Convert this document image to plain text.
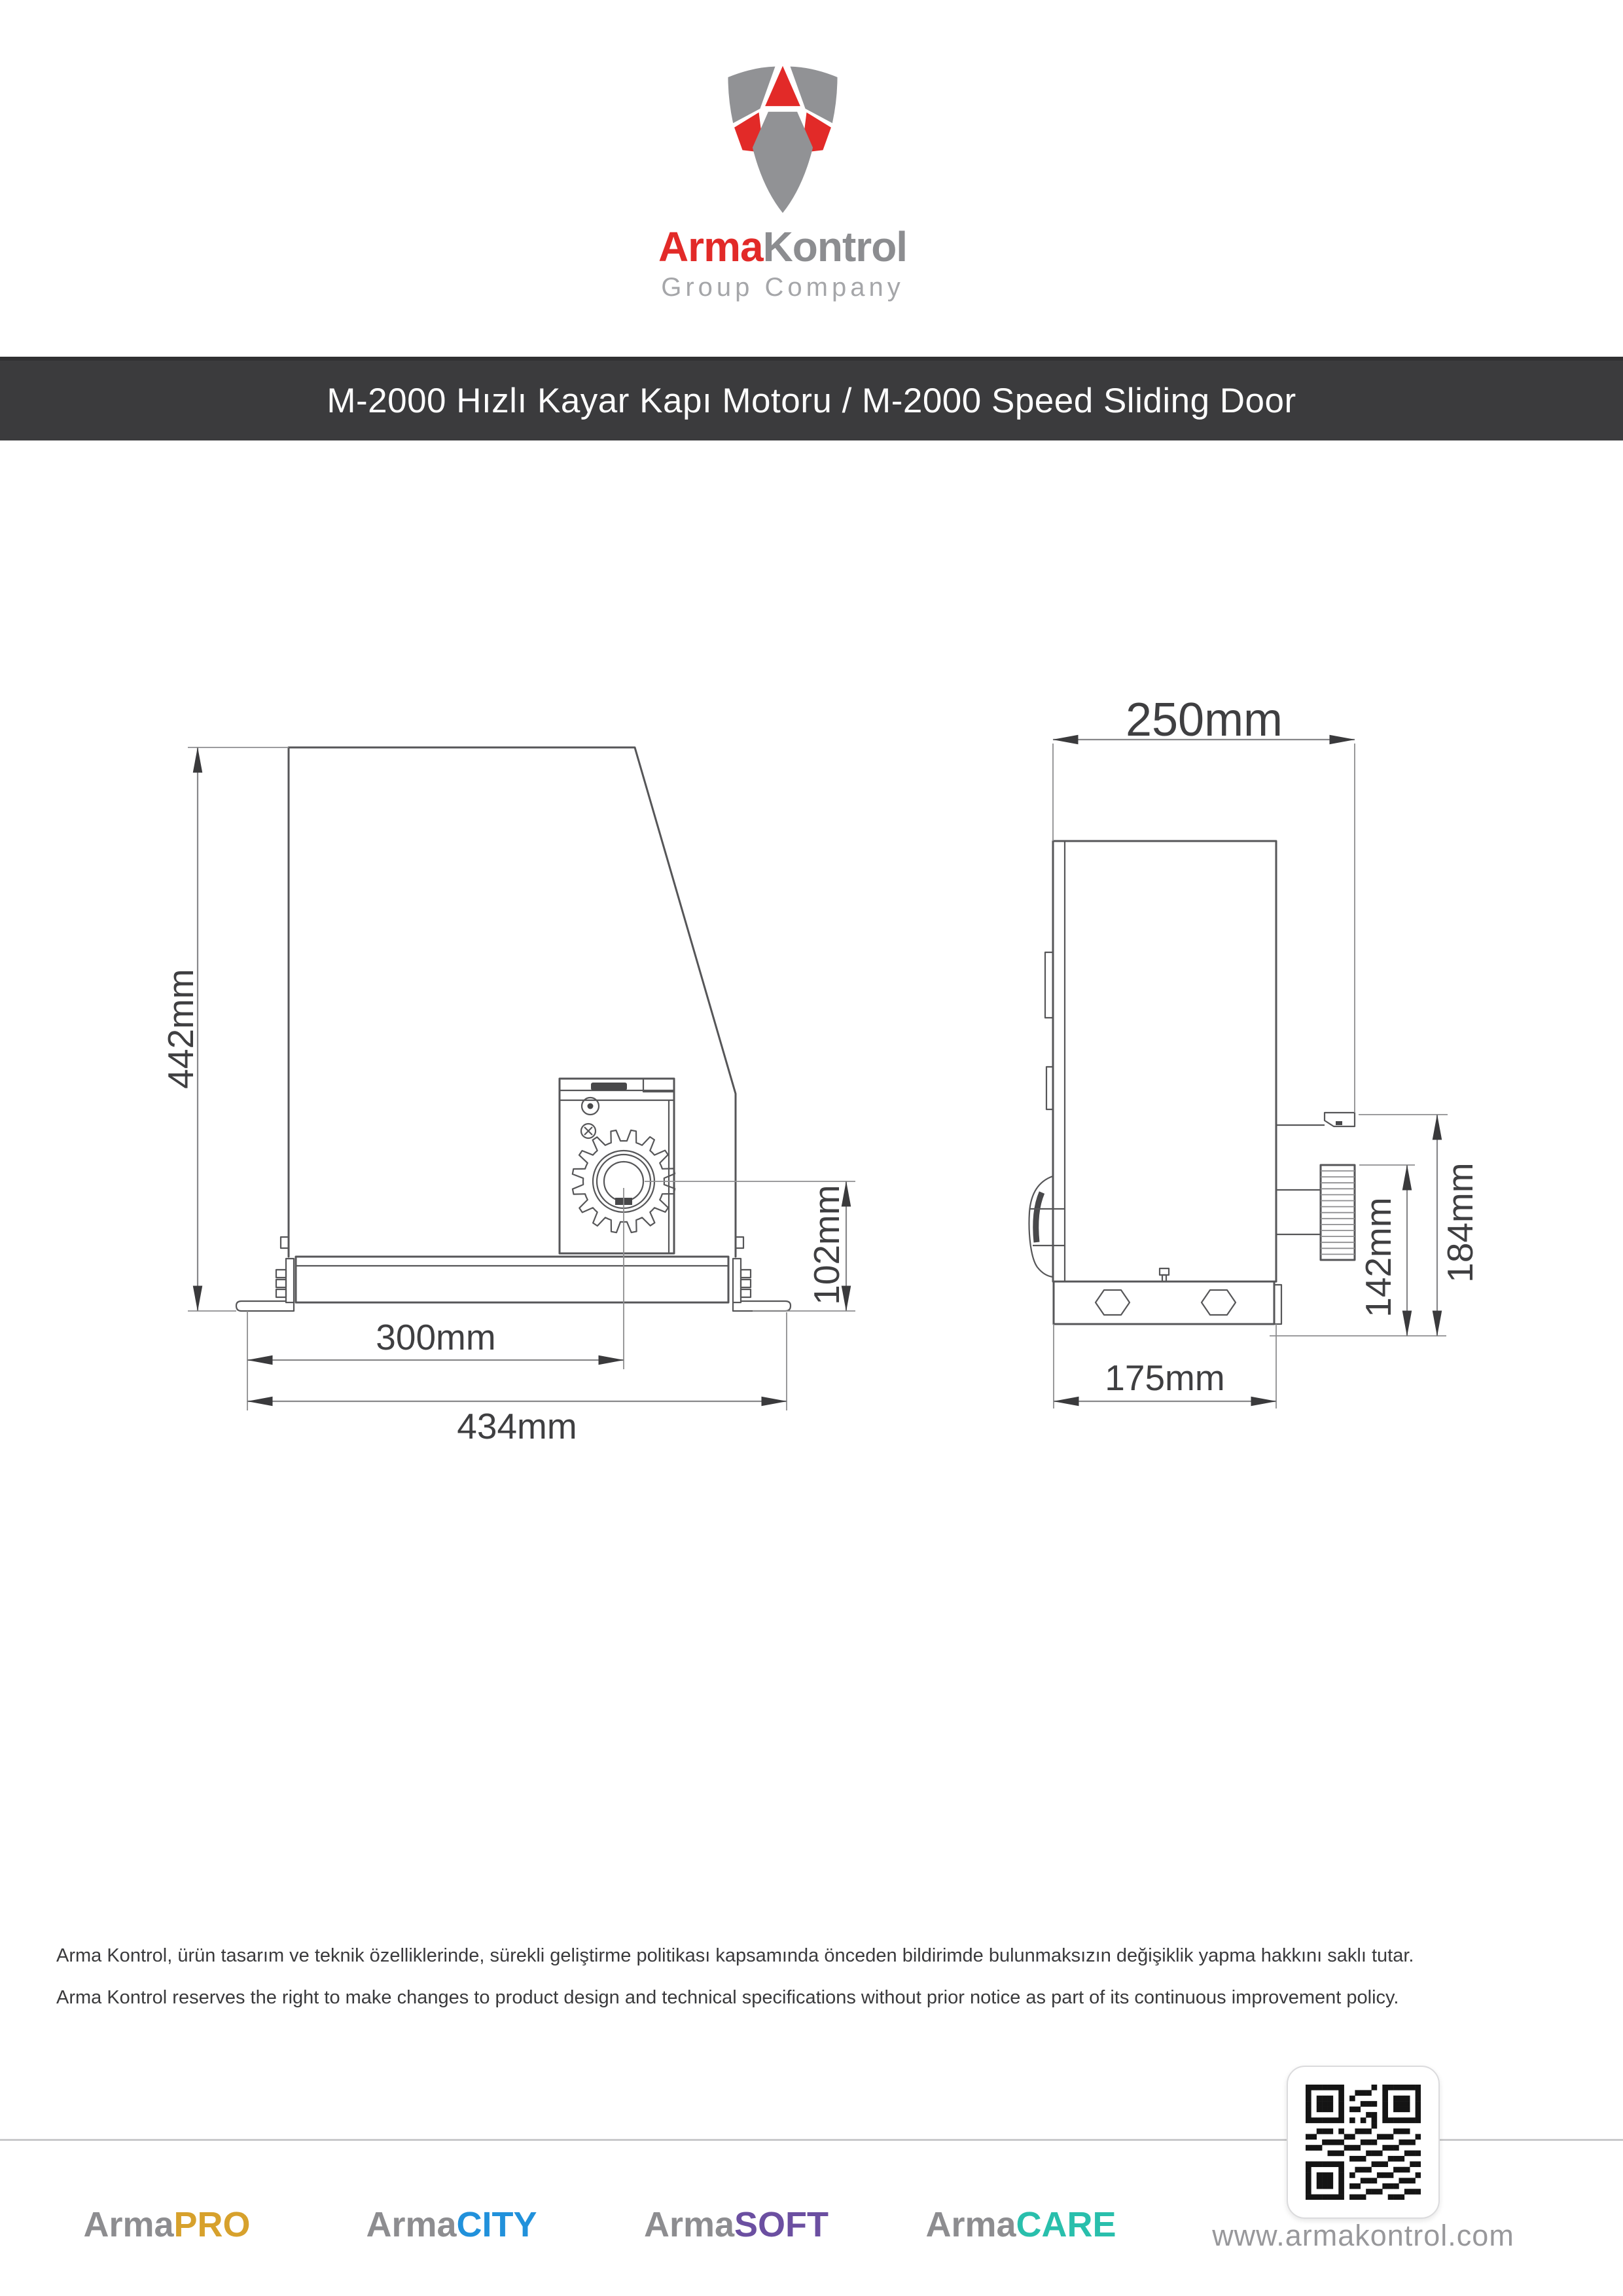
ArmaKontrol
Group Company
M-2000 Hızlı Kayar Kapı Motoru / M-2000 Speed Sliding Door
442mm
300mm
434mm
102mm
250mm
175mm
142mm 184mm
Arma Kontrol, ürün tasarım ve teknik özelliklerinde, sürekli geliştirme politikası kapsamında önceden bildirimde bulunmaksızın değişiklik yapma hakkını saklı tutar.
Arma Kontrol reserves the right to make changes to product design and technical specifications without prior notice as part of its continuous improvement policy.
ArmaPRO	ArmaCITY	ArmaSOFT	ArmaCARE	www.armakontrol.com
